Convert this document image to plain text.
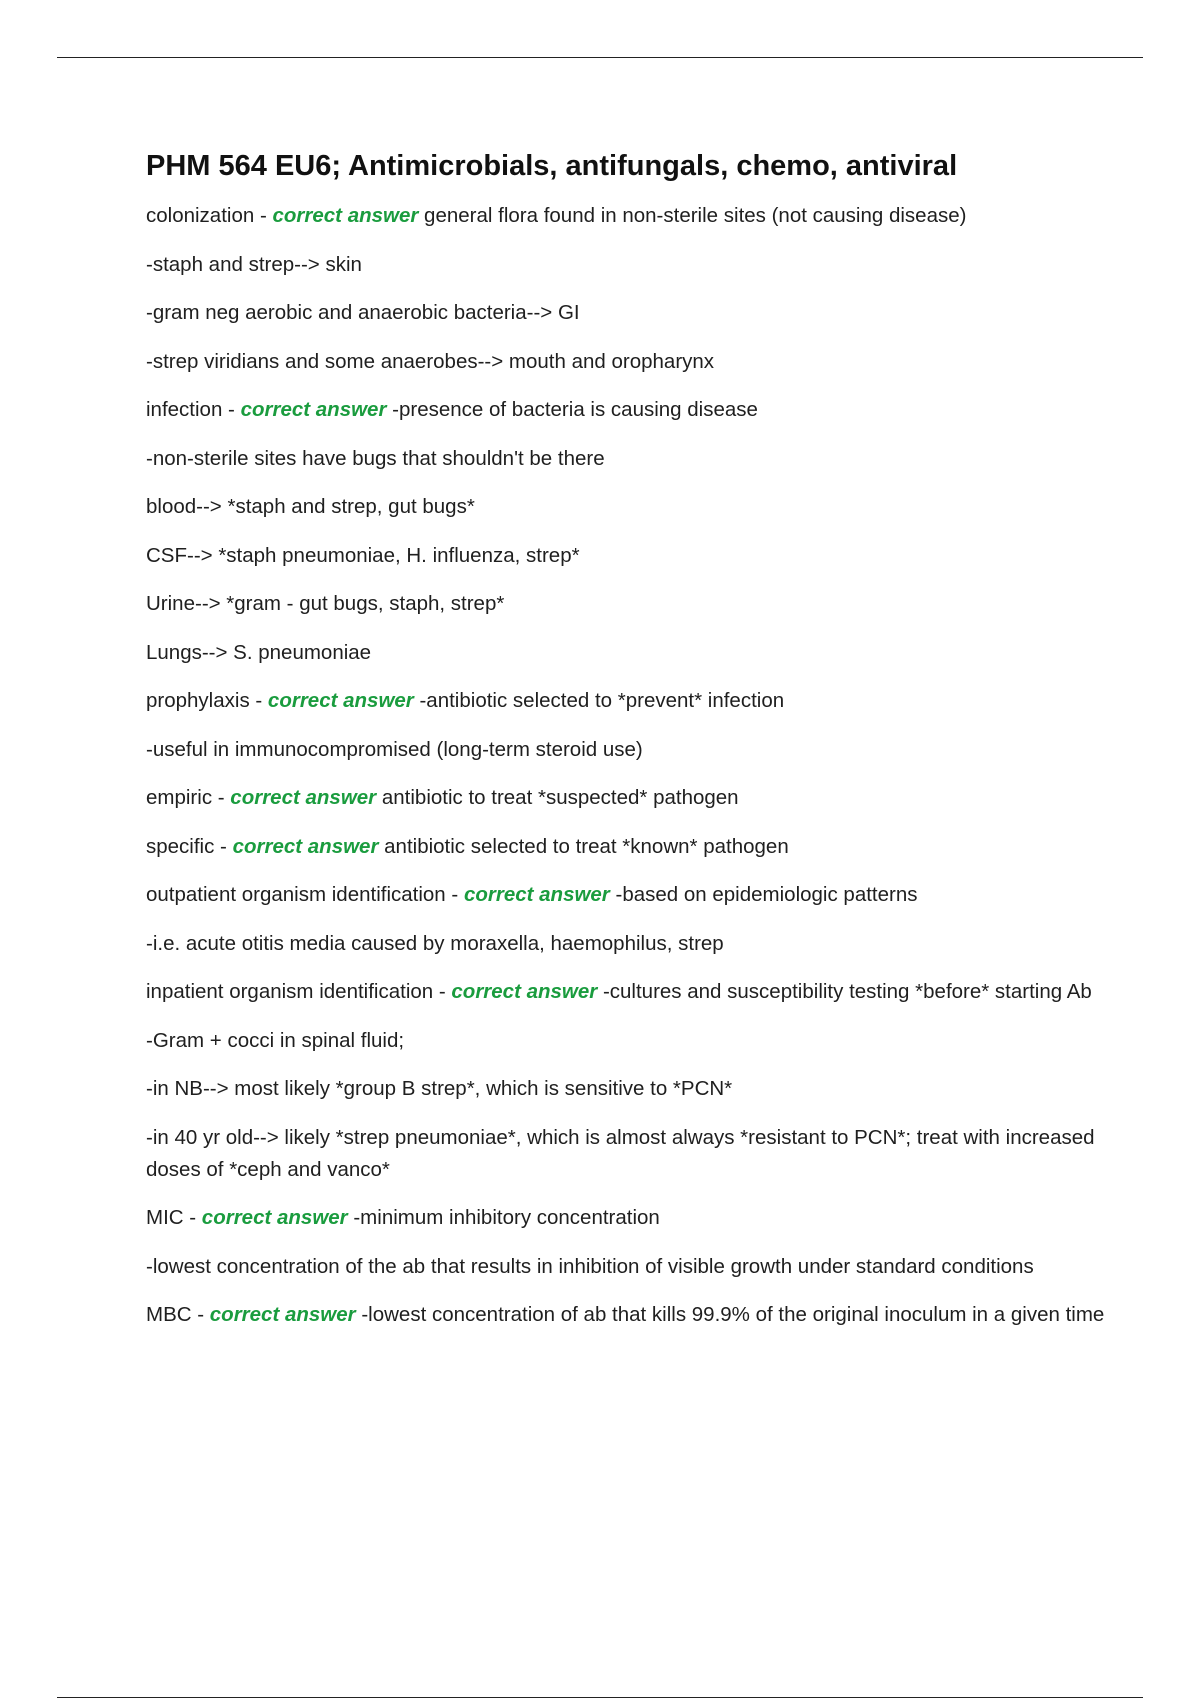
PHM 564 EU6; Antimicrobials, antifungals, chemo, antiviral

colonization - correct answer general flora found in non-sterile sites (not causing disease)

-staph and strep--> skin

-gram neg aerobic and anaerobic bacteria--> GI

-strep viridians and some anaerobes--> mouth and oropharynx

infection - correct answer -presence of bacteria is causing disease

-non-sterile sites have bugs that shouldn't be there

blood--> *staph and strep, gut bugs*

CSF--> *staph pneumoniae, H. influenza, strep*

Urine--> *gram - gut bugs, staph, strep*

Lungs--> S. pneumoniae

prophylaxis - correct answer -antibiotic selected to *prevent* infection

-useful in immunocompromised (long-term steroid use)

empiric - correct answer antibiotic to treat *suspected* pathogen

specific - correct answer antibiotic selected to treat *known* pathogen

outpatient organism identification - correct answer -based on epidemiologic patterns

-i.e. acute otitis media caused by moraxella, haemophilus, strep

inpatient organism identification - correct answer -cultures and susceptibility testing *before* starting Ab

-Gram + cocci in spinal fluid;

-in NB--> most likely *group B strep*, which is sensitive to *PCN*

-in 40 yr old--> likely *strep pneumoniae*, which is almost always *resistant to PCN*; treat with increased doses of *ceph and vanco*

MIC - correct answer -minimum inhibitory concentration

-lowest concentration of the ab that results in inhibition of visible growth under standard conditions

MBC - correct answer -lowest concentration of ab that kills 99.9% of the original inoculum in a given time
